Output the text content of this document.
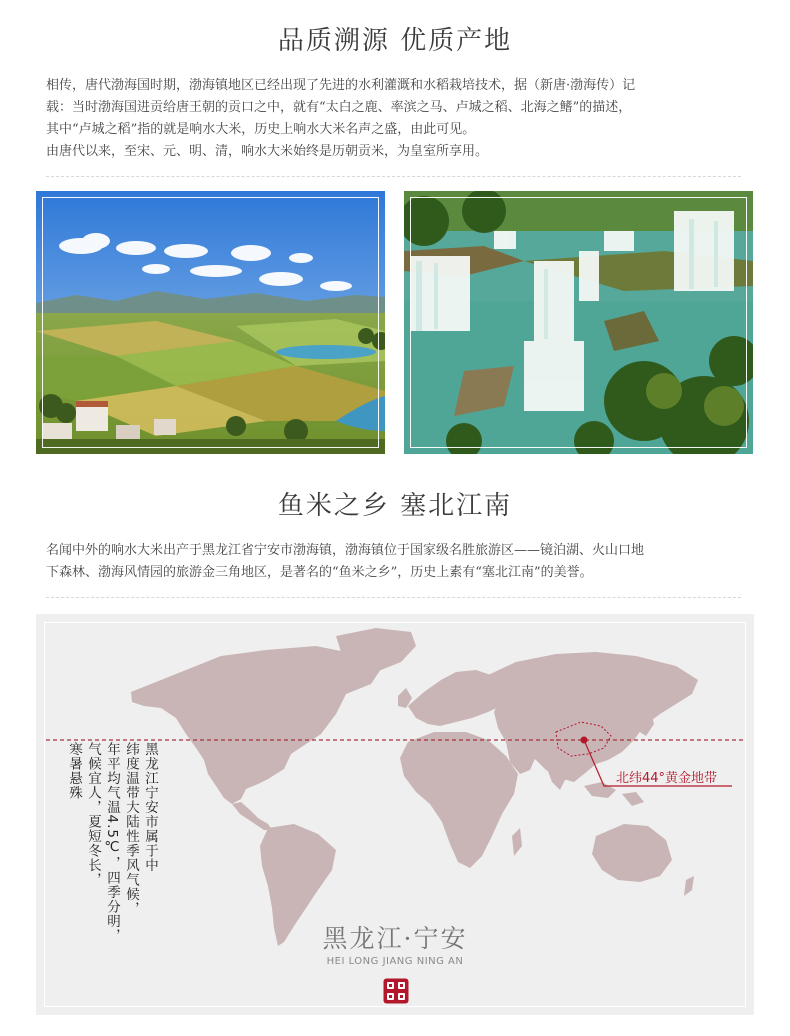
品质溯源 优质产地

相传，唐代渤海国时期，渤海镇地区已经出现了先进的水利灌溉和水稻栽培技术，据（新唐·渤海传）记

载：当时渤海国进贡给唐王朝的贡口之中，就有“太白之鹿、率滨之马、卢城之稻、北海之鳍”的描述，

其中“卢城之稻”指的就是响水大米，历史上响水大米名声之盛，由此可见。

由唐代以来，至宋、元、明、清，响水大米始终是历朝贡米，为皇室所享用。

鱼米之乡 塞北江南

名闻中外的响水大米出产于黑龙江省宁安市渤海镇，渤海镇位于国家级名胜旅游区——镜泊湖、火山口地

下森林、渤海风情园的旅游金三角地区，是著名的“鱼米之乡”，历史上素有“塞北江南”的美誉。

北纬44°黄金地带
黑龙江宁安市属于中
纬度温带大陆性季风气候，
年平均气温4.5℃，四季分明，
气候宜人，夏短冬长，
寒暑悬殊
黑龙江·宁安
HEI LONG JIANG NING AN
